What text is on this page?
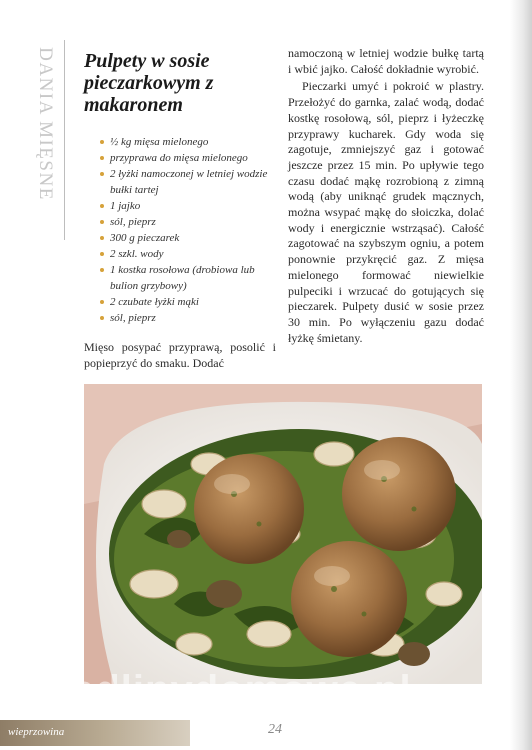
DANIA MIĘSNE	Pulpety w sosie pieczarkowym z makaronem
½ kg mięsa mielonego
przyprawa do mięsa mielonego
2 łyżki namoczonej w letniej wodzie bułki tartej
1 jajko
sól, pieprz
300 g pieczarek
2 szkl. wody
1 kostka rosołowa (drobiowa lub bulion grzybowy)
2 czubate łyżki mąki
sól, pieprz

Mięso posypać przyprawą, posolić i popieprzyć do smaku. Dodać

namoczoną w letniej wodzie bułkę tartą i wbić jajko. Całość dokładnie wyrobić.

Pieczarki umyć i pokroić w plastry. Przełożyć do garnka, zalać wodą, dodać kostkę rosołową, sól, pieprz i łyżeczkę przyprawy kucharek. Gdy woda się zagotuje, zmniejszyć gaz i gotować jeszcze przez 15 min. Po upływie tego czasu dodać mąkę rozrobioną z zimną wodą (aby uniknąć grudek mącznych, można wsypać mąkę do słoiczka, dolać wody i energicznie wstrząsać). Całość zagotować na szybszym ogniu, a potem ponownie przykręcić gaz. Z mięsa mielonego formować niewielkie pulpeciki i wrzucać do gotujących się pieczarek. Pulpety dusić w sosie przez 30 min. Po wyłączeniu gazu dodać łyżkę śmietany.

wedlinydomowe.pl
wieprzowina	24
